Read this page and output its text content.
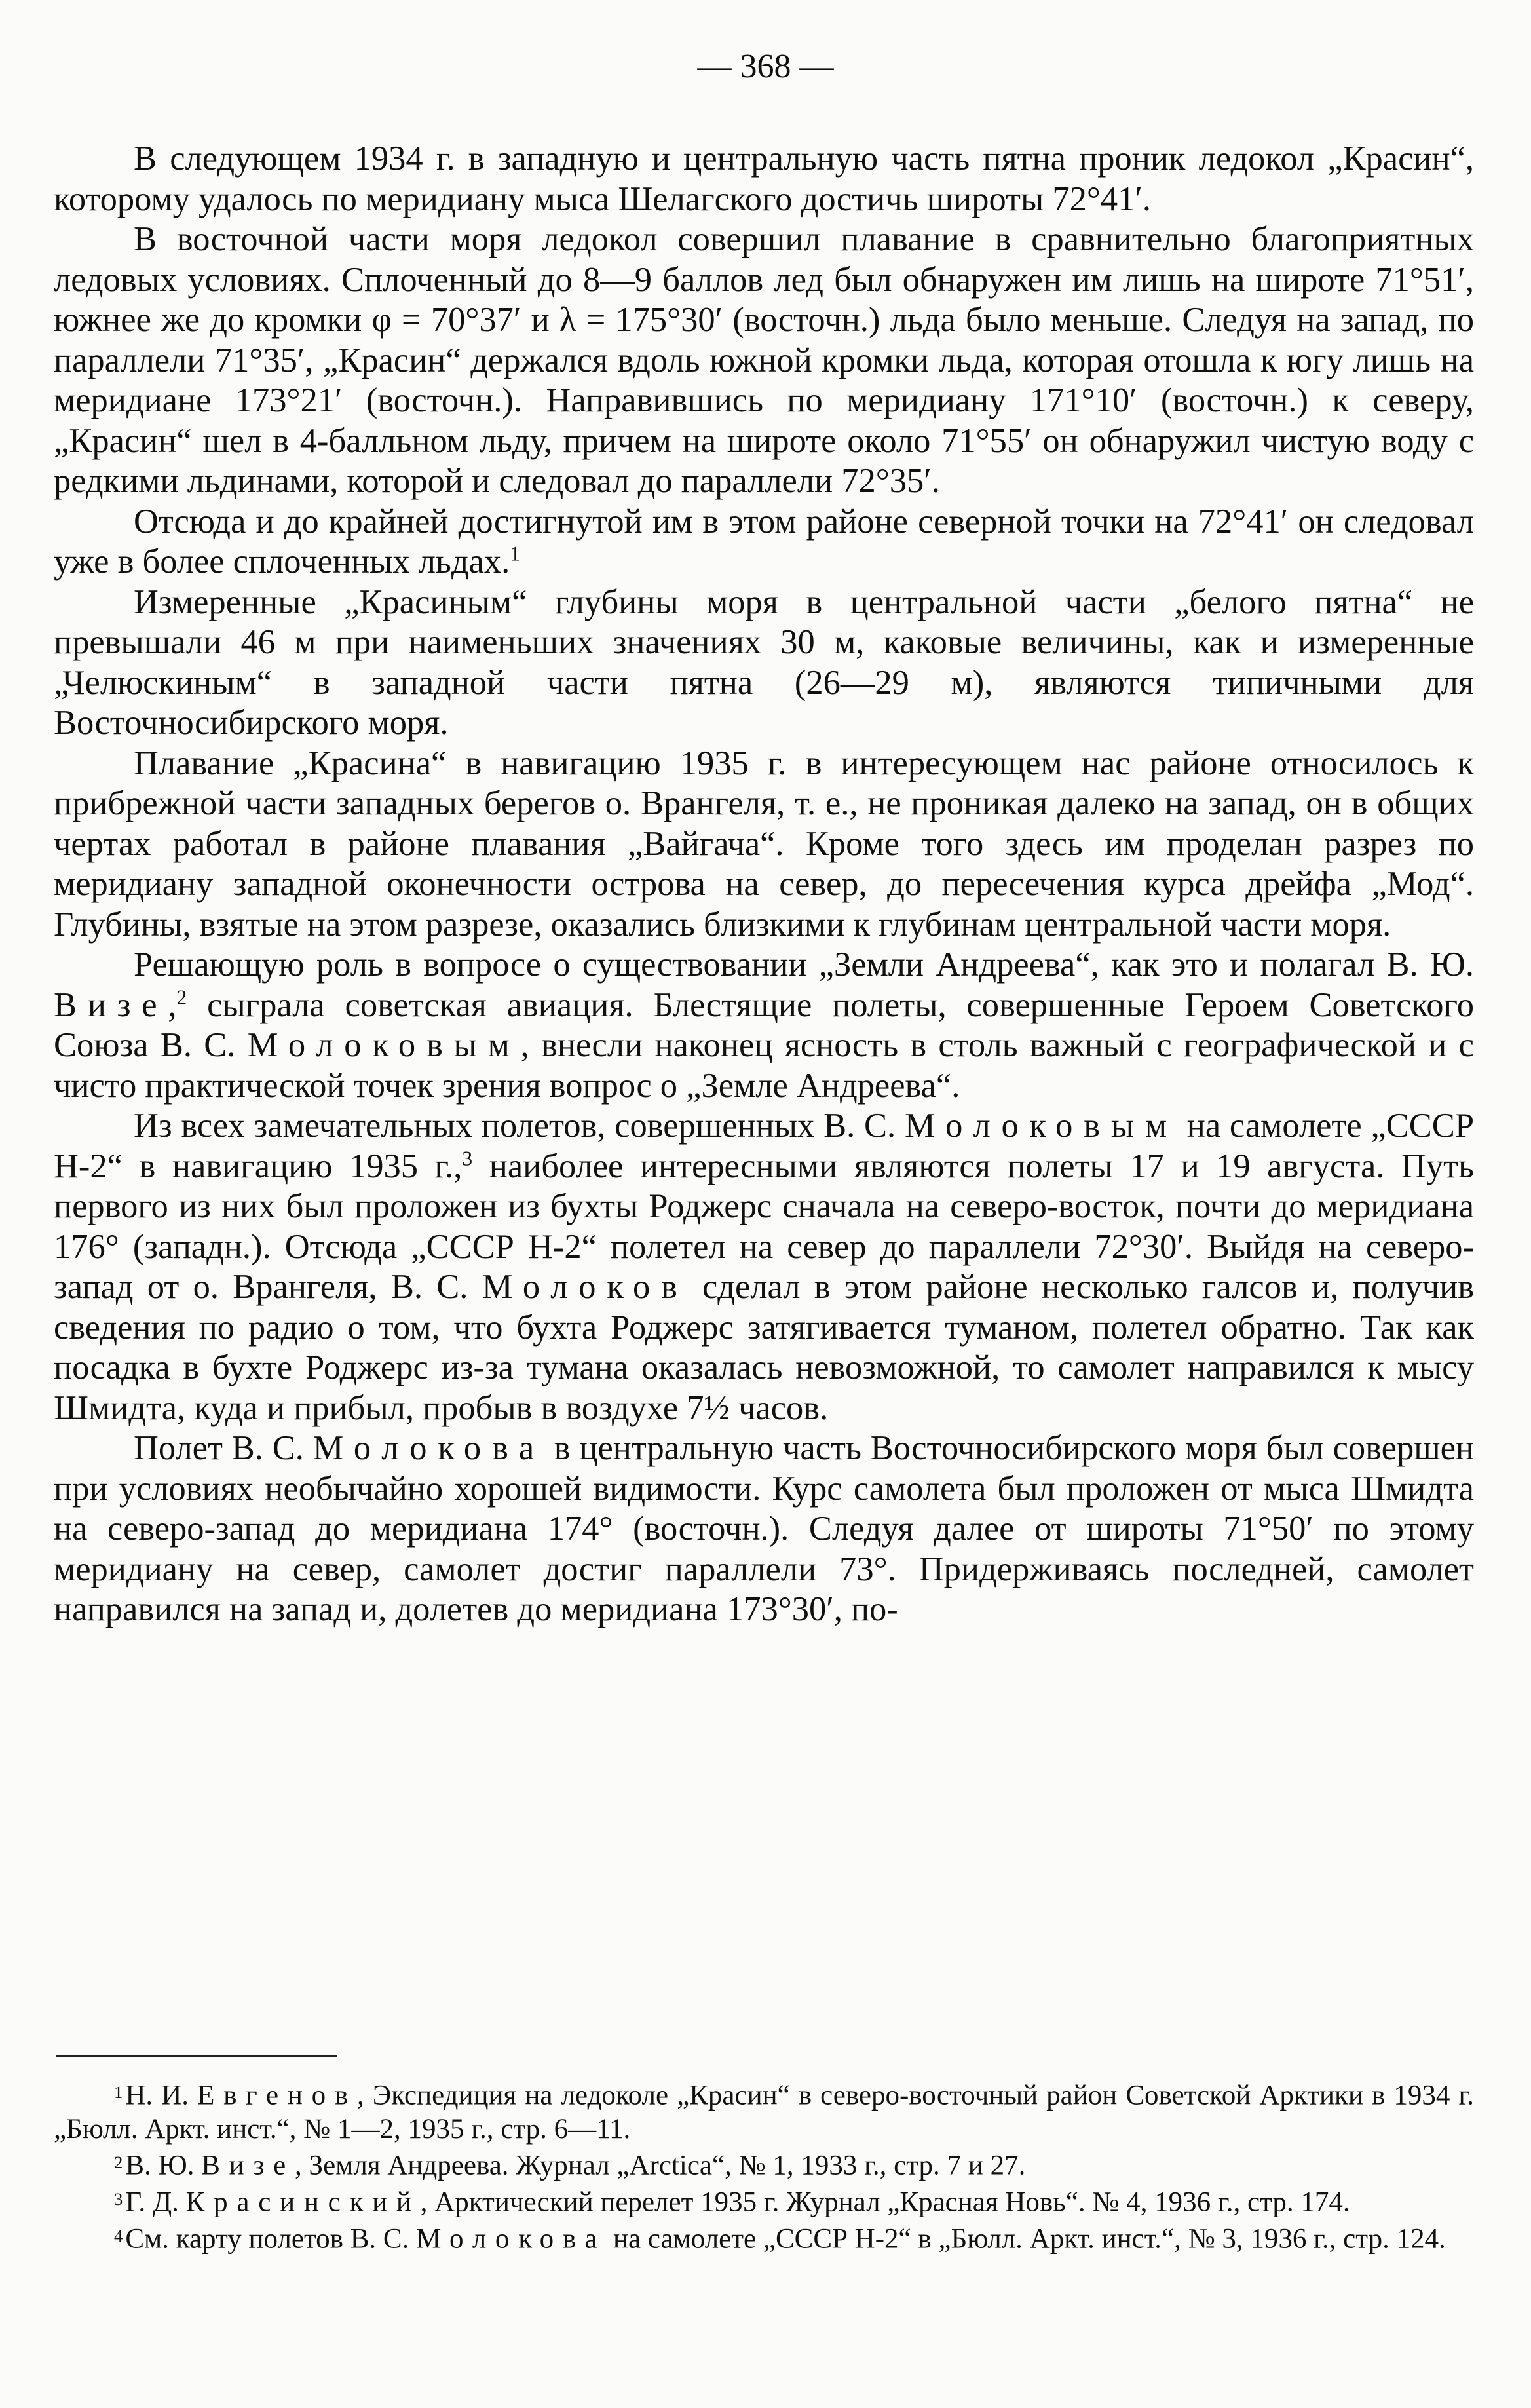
— 368 —

В следующем 1934 г. в западную и центральную часть пятна проник ледокол „Красин“, которому удалось по меридиану мыса Шелагского достичь широты 72°41′.

В восточной части моря ледокол совершил плавание в сравнительно благоприятных ледовых условиях. Сплоченный до 8—9 баллов лед был обнаружен им лишь на широте 71°51′, южнее же до кромки φ = 70°37′ и λ = 175°30′ (восточн.) льда было меньше. Следуя на запад, по параллели 71°35′, „Красин“ держался вдоль южной кромки льда, которая отошла к югу лишь на меридиане 173°21′ (восточн.). Направившись по меридиану 171°10′ (восточн.) к северу, „Красин“ шел в 4-балльном льду, причем на широте около 71°55′ он обнаружил чистую воду с редкими льдинами, которой и следовал до параллели 72°35′.

Отсюда и до крайней достигнутой им в этом районе северной точки на 72°41′ он следовал уже в более сплоченных льдах.$^1$

Измеренные „Красиным“ глубины моря в центральной части „белого пятна“ не превышали 46 м при наименьших значениях 30 м, каковые величины, как и измеренные „Челюскиным“ в западной части пятна (26—29 м), являются типичными для Восточносибирского моря.

Плавание „Красина“ в навигацию 1935 г. в интересующем нас районе относилось к прибрежной части западных берегов о. Врангеля, т. е., не проникая далеко на запад, он в общих чертах работал в районе плавания „Вайгача“. Кроме того здесь им проделан разрез по меридиану западной оконечности острова на север, до пересечения курса дрейфа „Мод“. Глубины, взятые на этом разрезе, оказались близкими к глубинам центральной части моря.

Решающую роль в вопросе о существовании „Земли Андреева“, как это и полагал В. Ю. Визе,$^2$ сыграла советская авиация. Блестящие полеты, совершенные Героем Советского Союза В. С. Молоковым, внесли наконец ясность в столь важный с географической и с чисто практической точек зрения вопрос о „Земле Андреева“.

Из всех замечательных полетов, совершенных В. С. Молоковым на самолете „СССР Н-2“ в навигацию 1935 г.,$^3$ наиболее интересными являются полеты 17 и 19 августа. Путь первого из них был проложен из бухты Роджерс сначала на северо-восток, почти до меридиана 176° (западн.). Отсюда „СССР Н-2“ полетел на север до параллели 72°30′. Выйдя на северо-запад от о. Врангеля, В. С. Молоков сделал в этом районе несколько галсов и, получив сведения по радио о том, что бухта Роджерс затягивается туманом, полетел обратно. Так как посадка в бухте Роджерс из-за тумана оказалась невозможной, то самолет направился к мысу Шмидта, куда и прибыл, пробыв в воздухе 7½ часов.

Полет В. С. Молокова в центральную часть Восточносибирского моря был совершен при условиях необычайно хорошей видимости. Курс самолета был проложен от мыса Шмидта на северо-запад до меридиана 174° (восточн.). Следуя далее от широты 71°50′ по этому меридиану на север, самолет достиг параллели 73°. Придерживаясь последней, самолет направился на запад и, долетев до меридиана 173°30′, по-

$^1$Н. И. Евгенов, Экспедиция на ледоколе „Красин“ в северо-восточный район Советской Арктики в 1934 г. „Бюлл. Аркт. инст.“, № 1—2, 1935 г., стр. 6—11.

$^2$В. Ю. Визе, Земля Андреева. Журнал „Arctica“, № 1, 1933 г., стр. 7 и 27.

$^3$Г. Д. Красинский, Арктический перелет 1935 г. Журнал „Красная Новь“. № 4, 1936 г., стр. 174.

$^4$См. карту полетов В. С. Молокова на самолете „СССР Н-2“ в „Бюлл. Аркт. инст.“, № 3, 1936 г., стр. 124.
